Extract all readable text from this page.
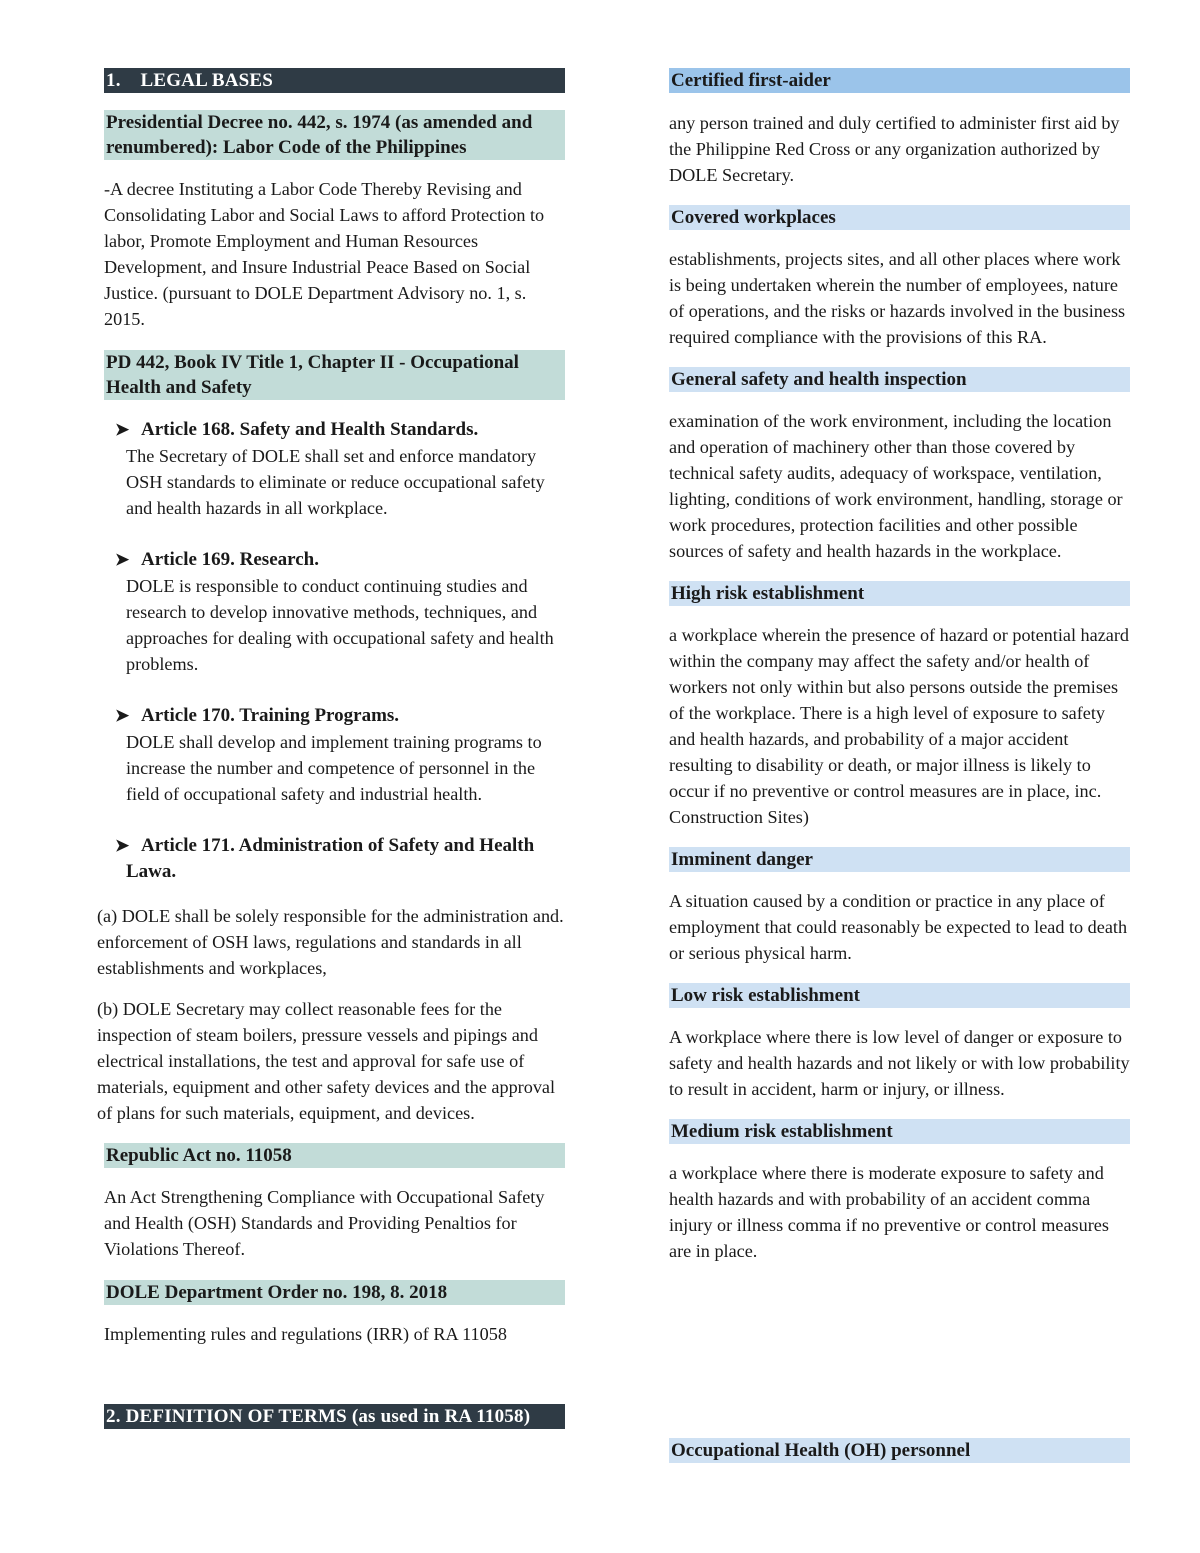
1.    LEGAL BASES
Presidential Decree no. 442, s. 1974 (as amended and renumbered): Labor Code of the Philippines

-A decree Instituting a Labor Code Thereby Revising and Consolidating Labor and Social Laws to afford Protection to labor, Promote Employment and Human Resources Development, and Insure Industrial Peace Based on Social Justice. (pursuant to DOLE Department Advisory no. 1, s. 2015.

PD 442, Book IV Title 1, Chapter II - Occupational Health and Safety
➤ Article 168. Safety and Health Standards.

The Secretary of DOLE shall set and enforce mandatory OSH standards to eliminate or reduce occupational safety and health hazards in all workplace.

➤ Article 169. Research.

DOLE is responsible to conduct continuing studies and research to develop innovative methods, techniques, and approaches for dealing with occupational safety and health problems.

➤ Article 170. Training Programs.

DOLE shall develop and implement training programs to increase the number and competence of personnel in the field of occupational safety and industrial health.

➤ Article 171. Administration of Safety and Health Lawa.

(a) DOLE shall be solely responsible for the administration and. enforcement of OSH laws, regulations and standards in all establishments and workplaces,

(b) DOLE Secretary may collect reasonable fees for the inspection of steam boilers, pressure vessels and pipings and electrical installations, the test and approval for safe use of materials, equipment and other safety devices and the approval of plans for such materials, equipment, and devices.

Republic Act no. 11058

An Act Strengthening Compliance with Occupational Safety and Health (OSH) Standards and Providing Penaltios for Violations Thereof.

DOLE Department Order no. 198, 8. 2018

Implementing rules and regulations (IRR) of RA 11058

2. DEFINITION OF TERMS (as used in RA 11058)
Certified first-aider

any person trained and duly certified to administer first aid by the Philippine Red Cross or any organization authorized by DOLE Secretary.

Covered workplaces

establishments, projects sites, and all other places where work is being undertaken wherein the number of employees, nature of operations, and the risks or hazards involved in the business required compliance with the provisions of this RA.

General safety and health inspection

examination of the work environment, including the location and operation of machinery other than those covered by technical safety audits, adequacy of workspace, ventilation, lighting, conditions of work environment, handling, storage or work procedures, protection facilities and other possible sources of safety and health hazards in the workplace.

High risk establishment

a workplace wherein the presence of hazard or potential hazard within the company may affect the safety and/or health of workers not only within but also persons outside the premises of the workplace. There is a high level of exposure to safety and health hazards, and probability of a major accident resulting to disability or death, or major illness is likely to occur if no preventive or control measures are in place, inc. Construction Sites)

Imminent danger

A situation caused by a condition or practice in any place of employment that could reasonably be expected to lead to death or serious physical harm.

Low risk establishment

A workplace where there is low level of danger or exposure to safety and health hazards and not likely or with low probability to result in accident, harm or injury, or illness.

Medium risk establishment

a workplace where there is moderate exposure to safety and health hazards and with probability of an accident comma injury or illness comma if no preventive or control measures are in place.

Occupational Health (OH) personnel
